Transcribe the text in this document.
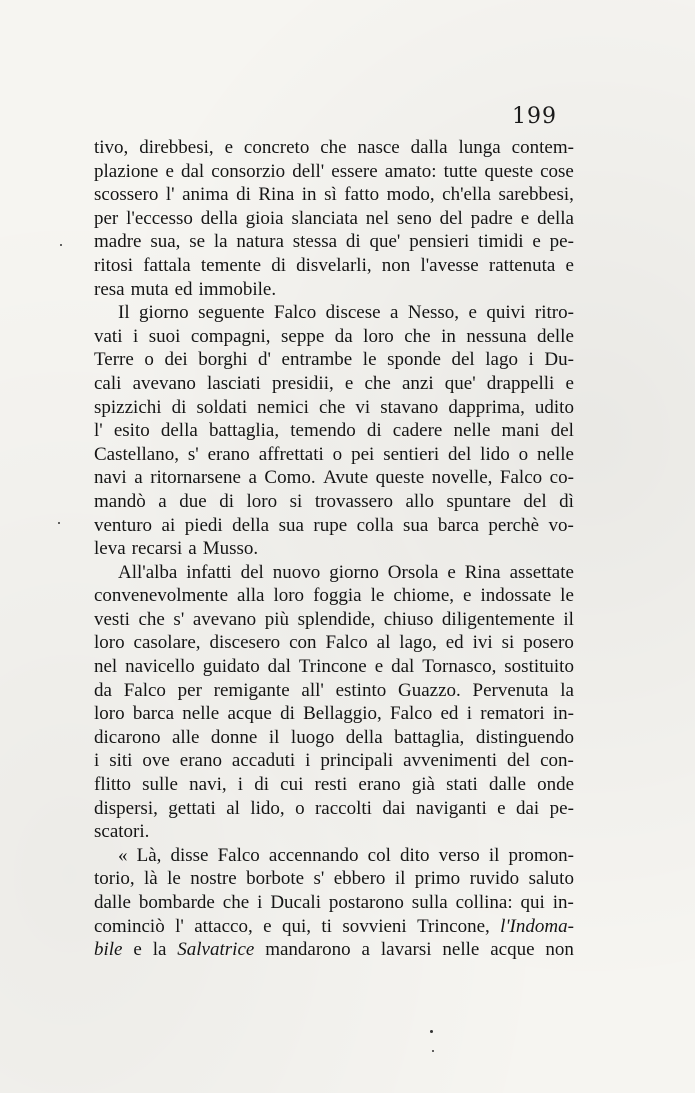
199
tivo, direbbesi, e concreto che nasce dalla lunga contem-
plazione e dal consorzio dell' essere amato: tutte queste cose
scossero l' anima di Rina in sì fatto modo, ch'ella sarebbesi,
per l'eccesso della gioia slanciata nel seno del padre e della
madre sua, se la natura stessa di que' pensieri timidi e pe-
ritosi fattala temente di disvelarli, non l'avesse rattenuta e
resa muta ed immobile.
Il giorno seguente Falco discese a Nesso, e quivi ritro-
vati i suoi compagni, seppe da loro che in nessuna delle
Terre o dei borghi d' entrambe le sponde del lago i Du-
cali avevano lasciati presidii, e che anzi que' drappelli e
spizzichi di soldati nemici che vi stavano dapprima, udito
l' esito della battaglia, temendo di cadere nelle mani del
Castellano, s' erano affrettati o pei sentieri del lido o nelle
navi a ritornarsene a Como. Avute queste novelle, Falco co-
mandò a due di loro si trovassero allo spuntare del dì
venturo ai piedi della sua rupe colla sua barca perchè vo-
leva recarsi a Musso.
All'alba infatti del nuovo giorno Orsola e Rina assettate
convenevolmente alla loro foggia le chiome, e indossate le
vesti che s' avevano più splendide, chiuso diligentemente il
loro casolare, discesero con Falco al lago, ed ivi si posero
nel navicello guidato dal Trincone e dal Tornasco, sostituito
da Falco per remigante all' estinto Guazzo. Pervenuta la
loro barca nelle acque di Bellaggio, Falco ed i rematori in-
dicarono alle donne il luogo della battaglia, distinguendo
i siti ove erano accaduti i principali avvenimenti del con-
flitto sulle navi, i di cui resti erano già stati dalle onde
dispersi, gettati al lido, o raccolti dai naviganti e dai pe-
scatori.
« Là, disse Falco accennando col dito verso il promon-
torio, là le nostre borbote s' ebbero il primo ruvido saluto
dalle bombarde che i Ducali postarono sulla collina: qui in-
cominciò l' attacco, e qui, ti sovvieni Trincone, l'Indoma-
bile e la Salvatrice mandarono a lavarsi nelle acque non
